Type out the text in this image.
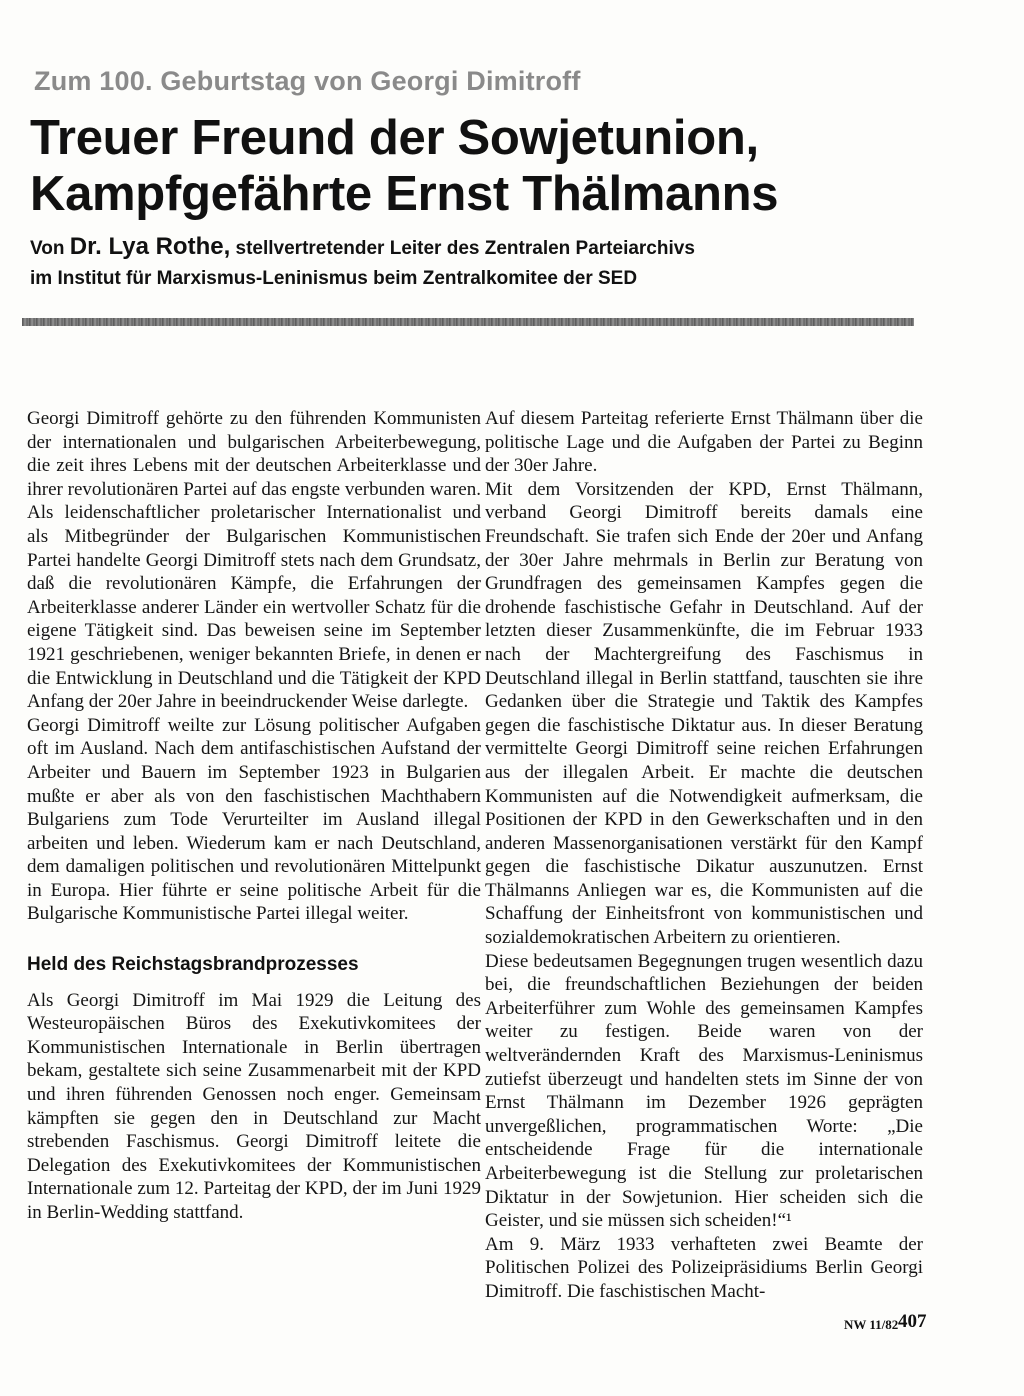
Zum 100. Geburtstag von Georgi Dimitroff
Treuer Freund der Sowjetunion,
Kampfgefährte Ernst Thälmanns
Von Dr. Lya Rothe, stellvertretender Leiter des Zentralen Parteiarchivs
im Institut für Marxismus-Leninismus beim Zentralkomitee der SED

Georgi Dimitroff gehörte zu den führenden Kommunisten der internationalen und bulgarischen Arbeiterbewegung, die zeit ihres Lebens mit der deutschen Arbeiterklasse und ihrer revolutionären Partei auf das engste verbunden waren. Als leidenschaftlicher proletarischer Internationalist und als Mitbegründer der Bulgarischen Kommunistischen Partei handelte Georgi Dimitroff stets nach dem Grundsatz, daß die revolutionären Kämpfe, die Erfahrungen der Arbeiterklasse anderer Länder ein wertvoller Schatz für die eigene Tätigkeit sind. Das beweisen seine im September 1921 geschriebenen, weniger bekannten Briefe, in denen er die Entwicklung in Deutschland und die Tätigkeit der KPD Anfang der 20er Jahre in beeindruckender Weise darlegte.

Georgi Dimitroff weilte zur Lösung politischer Aufgaben oft im Ausland. Nach dem antifaschistischen Aufstand der Arbeiter und Bauern im September 1923 in Bulgarien mußte er aber als von den faschistischen Machthabern Bulgariens zum Tode Verurteilter im Ausland illegal arbeiten und leben. Wiederum kam er nach Deutschland, dem damaligen politischen und revolutionären Mittelpunkt in Europa. Hier führte er seine politische Arbeit für die Bulgarische Kommunistische Partei illegal weiter.

Held des Reichstagsbrandprozesses

Als Georgi Dimitroff im Mai 1929 die Leitung des Westeuropäischen Büros des Exekutivkomitees der Kommunistischen Internationale in Berlin übertragen bekam, gestaltete sich seine Zusammenarbeit mit der KPD und ihren führenden Genossen noch enger. Gemeinsam kämpften sie gegen den in Deutschland zur Macht strebenden Faschismus. Georgi Dimitroff leitete die Delegation des Exekutivkomitees der Kommunistischen Internationale zum 12. Parteitag der KPD, der im Juni 1929 in Berlin-Wedding stattfand.

Auf diesem Parteitag referierte Ernst Thälmann über die politische Lage und die Aufgaben der Partei zu Beginn der 30er Jahre.

Mit dem Vorsitzenden der KPD, Ernst Thälmann, verband Georgi Dimitroff bereits damals eine Freundschaft. Sie trafen sich Ende der 20er und Anfang der 30er Jahre mehrmals in Berlin zur Beratung von Grundfragen des gemeinsamen Kampfes gegen die drohende faschistische Gefahr in Deutschland. Auf der letzten dieser Zusammenkünfte, die im Februar 1933 nach der Machtergreifung des Faschismus in Deutschland illegal in Berlin stattfand, tauschten sie ihre Gedanken über die Strategie und Taktik des Kampfes gegen die faschistische Diktatur aus. In dieser Beratung vermittelte Georgi Dimitroff seine reichen Erfahrungen aus der illegalen Arbeit. Er machte die deutschen Kommunisten auf die Notwendigkeit aufmerksam, die Positionen der KPD in den Gewerkschaften und in den anderen Massenorganisationen verstärkt für den Kampf gegen die faschistische Dikatur auszunutzen. Ernst Thälmanns Anliegen war es, die Kommunisten auf die Schaffung der Einheitsfront von kommunistischen und sozialdemokratischen Arbeitern zu orientieren.

Diese bedeutsamen Begegnungen trugen wesentlich dazu bei, die freundschaftlichen Beziehungen der beiden Arbeiterführer zum Wohle des gemeinsamen Kampfes weiter zu festigen. Beide waren von der weltverändernden Kraft des Marxismus-Leninismus zutiefst überzeugt und handelten stets im Sinne der von Ernst Thälmann im Dezember 1926 geprägten unvergeßlichen, programmatischen Worte: „Die entscheidende Frage für die internationale Arbeiterbewegung ist die Stellung zur proletarischen Diktatur in der Sowjetunion. Hier scheiden sich die Geister, und sie müssen sich scheiden!“¹

Am 9. März 1933 verhafteten zwei Beamte der Politischen Polizei des Polizeipräsidiums Berlin Georgi Dimitroff. Die faschistischen Macht-

NW 11/82 407
